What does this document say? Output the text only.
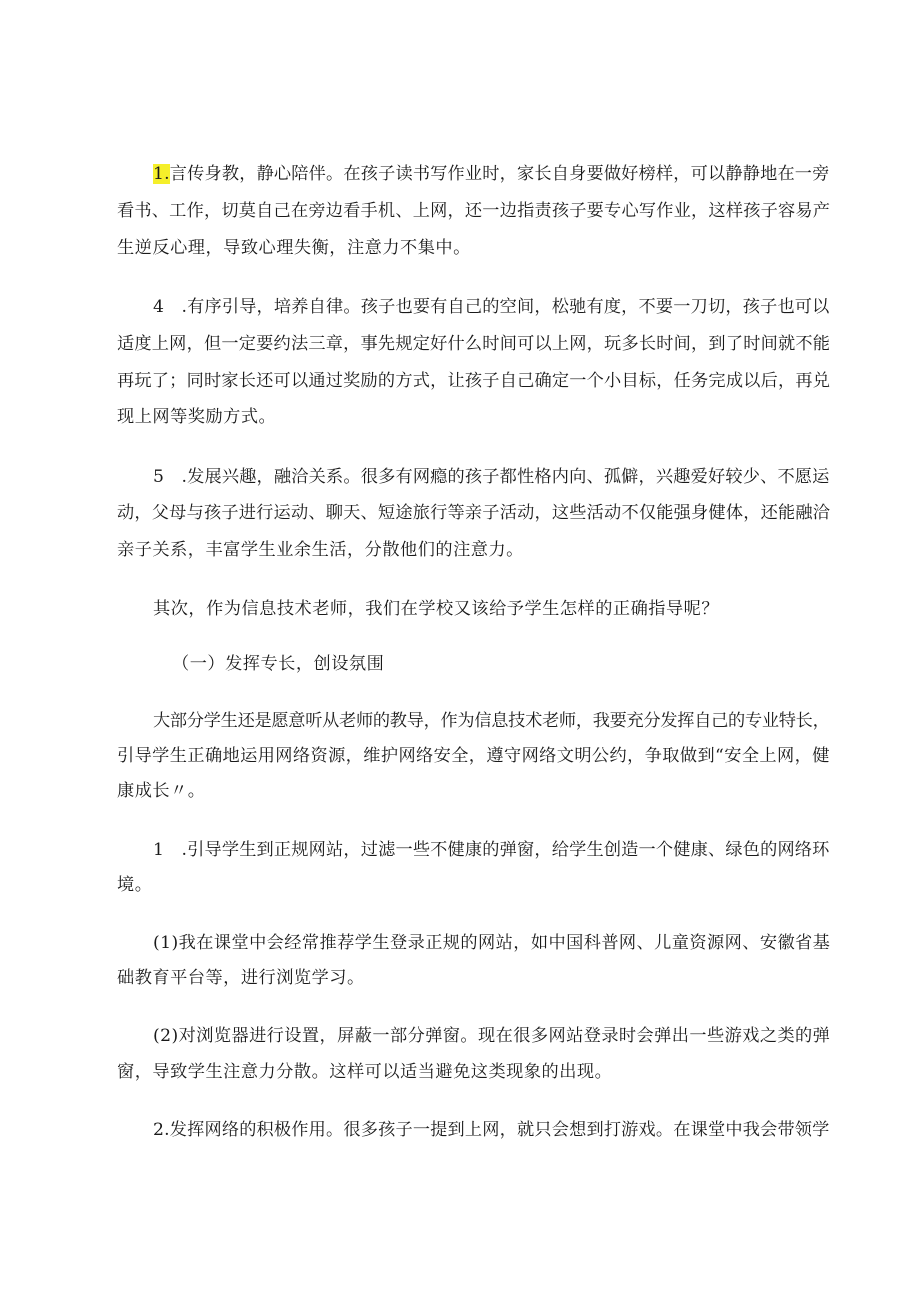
1.言传身教，静心陪伴。在孩子读书写作业时，家长自身要做好榜样，可以静静地在一旁
看书、工作，切莫自己在旁边看手机、上网，还一边指责孩子要专心写作业，这样孩子容易产
生逆反心理，导致心理失衡，注意力不集中。
4　.有序引导，培养自律。孩子也要有自己的空间，松驰有度，不要一刀切，孩子也可以
适度上网，但一定要约法三章，事先规定好什么时间可以上网，玩多长时间，到了时间就不能
再玩了；同时家长还可以通过奖励的方式，让孩子自己确定一个小目标，任务完成以后，再兑
现上网等奖励方式。
5　.发展兴趣，融洽关系。很多有网瘾的孩子都性格内向、孤僻，兴趣爱好较少、不愿运
动，父母与孩子进行运动、聊天、短途旅行等亲子活动，这些活动不仅能强身健体，还能融洽
亲子关系，丰富学生业余生活，分散他们的注意力。
其次，作为信息技术老师，我们在学校又该给予学生怎样的正确指导呢？
（一）发挥专长，创设氛围
大部分学生还是愿意听从老师的教导，作为信息技术老师，我要充分发挥自己的专业特长，
引导学生正确地运用网络资源，维护网络安全，遵守网络文明公约，争取做到“安全上网，健
康成长〃。
1　.引导学生到正规网站，过滤一些不健康的弹窗，给学生创造一个健康、绿色的网络环
境。
(1)我在课堂中会经常推荐学生登录正规的网站，如中国科普网、儿童资源网、安徽省基
础教育平台等，进行浏览学习。
(2)对浏览器进行设置，屏蔽一部分弹窗。现在很多网站登录时会弹出一些游戏之类的弹
窗，导致学生注意力分散。这样可以适当避免这类现象的出现。
2.发挥网络的积极作用。很多孩子一提到上网，就只会想到打游戏。在课堂中我会带领学
